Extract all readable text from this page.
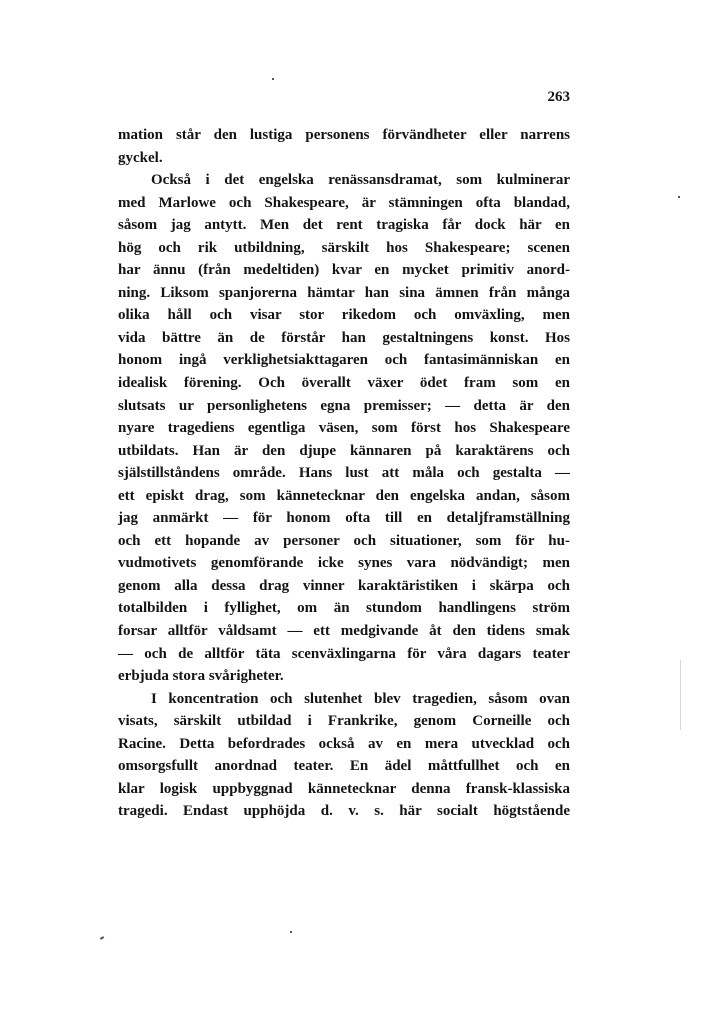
263
mation står den lustiga personens förvändheter eller narrens
gyckel.
Också i det engelska renässansdramat, som kulminerar
med Marlowe och Shakespeare, är stämningen ofta blandad,
såsom jag antytt. Men det rent tragiska får dock här en
hög och rik utbildning, särskilt hos Shakespeare; scenen
har ännu (från medeltiden) kvar en mycket primitiv anord-
ning. Liksom spanjorerna hämtar han sina ämnen från många
olika håll och visar stor rikedom och omväxling, men
vida bättre än de förstår han gestaltningens konst. Hos
honom ingå verklighetsiakttagaren och fantasimänniskan en
idealisk förening. Och överallt växer ödet fram som en
slutsats ur personlighetens egna premisser; — detta är den
nyare tragediens egentliga väsen, som först hos Shakespeare
utbildats. Han är den djupe kännaren på karaktärens och
själstillståndens område. Hans lust att måla och gestalta —
ett episkt drag, som kännetecknar den engelska andan, såsom
jag anmärkt — för honom ofta till en detaljframställning
och ett hopande av personer och situationer, som för hu-
vudmotivets genomförande icke synes vara nödvändigt; men
genom alla dessa drag vinner karaktäristiken i skärpa och
totalbilden i fyllighet, om än stundom handlingens ström
forsar alltför våldsamt — ett medgivande åt den tidens smak
— och de alltför täta scenväxlingarna för våra dagars teater
erbjuda stora svårigheter.
I koncentration och slutenhet blev tragedien, såsom ovan
visats, särskilt utbildad i Frankrike, genom Corneille och
Racine. Detta befordrades också av en mera utvecklad och
omsorgsfullt anordnad teater. En ädel måttfullhet och en
klar logisk uppbyggnad kännetecknar denna fransk-klassiska
tragedi. Endast upphöjda d. v. s. här socialt högtstående
